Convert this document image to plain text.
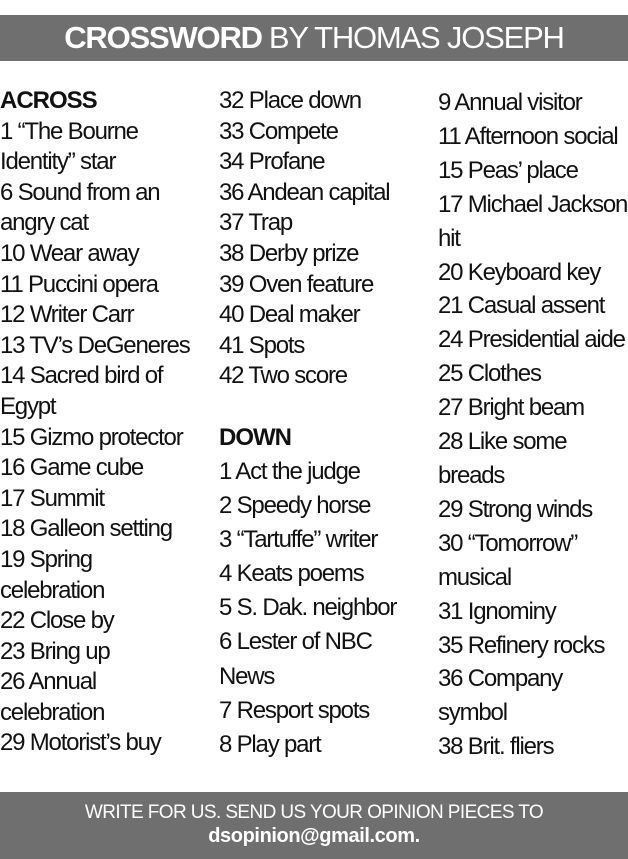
CROSSWORD BY THOMAS JOSEPH
ACROSS
1 “The Bourne
Identity” star
6 Sound from an
angry cat
10 Wear away
11 Puccini opera
12 Writer Carr
13 TV’s DeGeneres
14 Sacred bird of
Egypt
15 Gizmo protector
16 Game cube
17 Summit
18 Galleon setting
19 Spring
celebration
22 Close by
23 Bring up
26 Annual
celebration
29 Motorist’s buy
32 Place down
33 Compete
34 Profane
36 Andean capital
37 Trap
38 Derby prize
39 Oven feature
40 Deal maker
41 Spots
42 Two score
DOWN
1 Act the judge
2 Speedy horse
3 “Tartuffe” writer
4 Keats poems
5 S. Dak. neighbor
6 Lester of NBC
News
7 Resport spots
8 Play part
9 Annual visitor
11 Afternoon social
15 Peas’ place
17 Michael Jackson
hit
20 Keyboard key
21 Casual assent
24 Presidential aide
25 Clothes
27 Bright beam
28 Like some
breads
29 Strong winds
30 “Tomorrow”
musical
31 Ignominy
35 Refinery rocks
36 Company
symbol
38 Brit. fliers
WRITE FOR US. SEND US YOUR OPINION PIECES TO
dsopinion@gmail.com.
